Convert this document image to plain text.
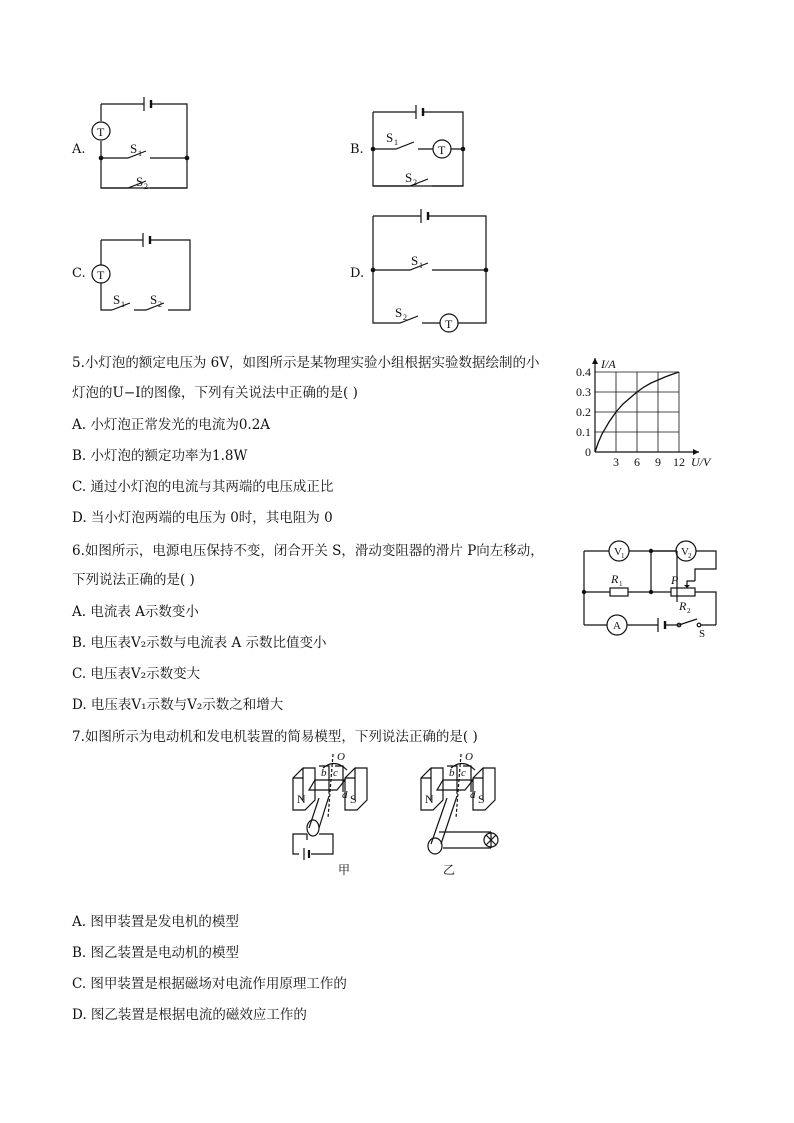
A.
T
S 1
S 2
T
S 1
S 2
B.
C. T
S 1 S 2
T
S 1
S 2
D.
5.小灯泡的额定电压为 6V，如图所示是某物理实验小组根据实验数据绘制的小
灯泡的U−I的图像，下列有关说法中正确的是( )
A. 小灯泡正常发光的电流为0.2A
B. 小灯泡的额定功率为1.8W
C. 通过小灯泡的电流与其两端的电压成正比
D. 当小灯泡两端的电压为 0时，其电阻为 0
3 6 9 12
0.1
0.2
0.3
0.4
0
I/A
U/V
6.如图所示，电源电压保持不变，闭合开关 S，滑动变阻器的滑片 P向左移动，
下列说法正确的是( )
A. 电流表 A示数变小
B. 电压表V₂示数与电流表 A 示数比值变小
C. 电压表V₂示数变大
D. 电压表V₁示数与V₂示数之和增大
V 1	V 2
R 1	P
R 2
A
S
7.如图所示为电动机和发电机装置的简易模型，下列说法正确的是( )
N	S
b c
d
O
甲
N	S
b c
d
O
乙
A. 图甲装置是发电机的模型
B. 图乙装置是电动机的模型
C. 图甲装置是根据磁场对电流作用原理工作的
D. 图乙装置是根据电流的磁效应工作的
